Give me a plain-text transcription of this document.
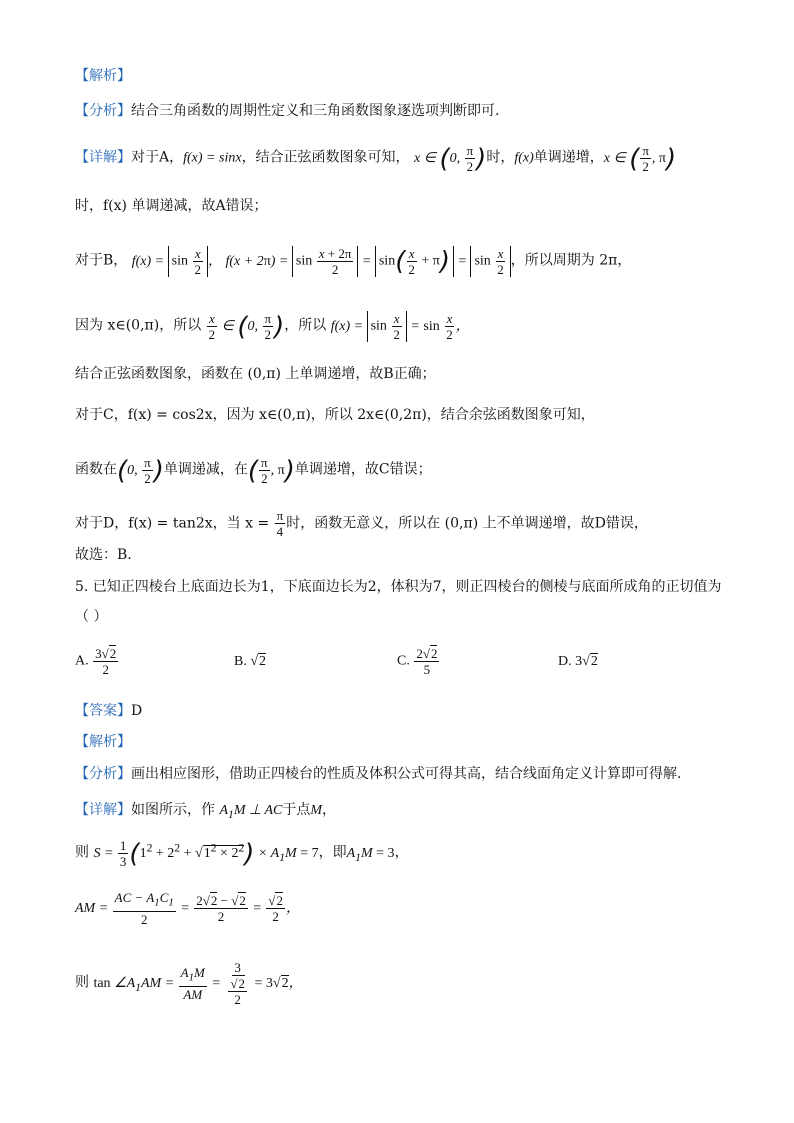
【解析】
【分析】结合三角函数的周期性定义和三角函数图象逐选项判断即可.
【详解】对于A，f(x) = sinx，结合正弦函数图象可知， x ∈ (0, $\frac{\pi}{2}$ )时，f(x)单调递增，x ∈ ( $\frac{\pi}{2}$ , π)
时，f(x) 单调递减，故A错误；
对于B， $f(x) = \sin \frac{x}{2}$ ， $f(x + 2\pi) = \sin \frac{x + 2\pi}{2} = \sin( \frac{x}{2} + \pi) = \sin \frac{x}{2}$ ，所以周期为 2π，
因为 x∈(0,π)，所以 $\frac{x}{2}$ ∈ (0, $\frac{\pi}{2}$ )，所以 $f(x) = \sin \frac{x}{2} = \sin \frac{x}{2}$ ，
结合正弦函数图象，函数在 (0,π) 上单调递增，故B正确；
对于C，f(x) = cos2x，因为 x∈(0,π)，所以 2x∈(0,2π)，结合余弦函数图象可知，
函数在(0, $\frac{\pi}{2}$ )单调递减，在( $\frac{\pi}{2}$ , π)单调递增，故C错误；
对于D，f(x) = tan2x，当 $x = \frac{\pi}{4}$ 时，函数无意义，所以在 (0,π) 上不单调递增，故D错误，
故选：B.
5. 已知正四棱台上底面边长为1，下底面边长为2，体积为7，则正四棱台的侧棱与底面所成角的正切值为
（ ）
A. $\frac{3√2}{2}$	B. √2	C. $\frac{2√2}{5}$	D. 3√2
【答案】D
【解析】
【分析】画出相应图形，借助正四棱台的性质及体积公式可得其高，结合线面角定义计算即可得解.
【详解】如图所示，作 $A_1M$ ⊥ AC于点M，
则 $S = \frac{1}{3} (1^2 + 2^2 + √1^2 \times 2^2) \times A_1M = 7$，即$A_1M = 3$，
AM = $\frac{AC - A_1C_1}{2} = \frac{2√2 - √2}{2} = \frac{√2}{2}$ ，
则 $\tan \angle A_1AM = \frac{A_1M}{AM} = \frac{3}{\frac{√2}{2}} = 3√2$，
